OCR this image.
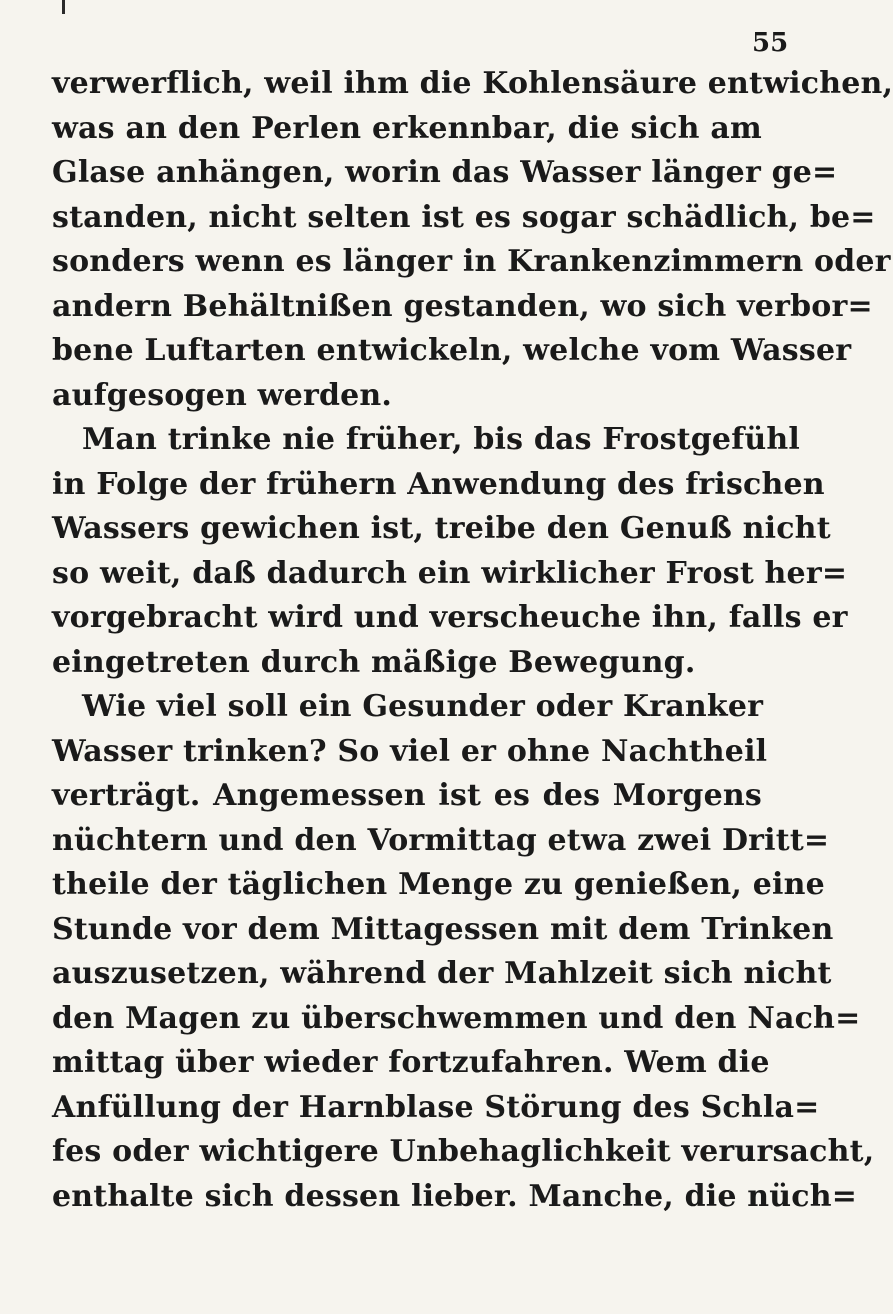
55
verwerflich, weil ihm die Kohlensäure entwichen,
was an den Perlen erkennbar, die sich am
Glase anhängen, worin das Wasser länger ge=
standen, nicht selten ist es sogar schädlich, be=
sonders wenn es länger in Krankenzimmern oder
andern Behältnißen gestanden, wo sich verbor=
bene Luftarten entwickeln, welche vom Wasser
aufgesogen werden.
Man trinke nie früher, bis das Frostgefühl
in Folge der frühern Anwendung des frischen
Wassers gewichen ist, treibe den Genuß nicht
so weit, daß dadurch ein wirklicher Frost her=
vorgebracht wird und verscheuche ihn, falls er
eingetreten durch mäßige Bewegung.
Wie viel soll ein Gesunder oder Kranker
Wasser trinken? So viel er ohne Nachtheil
verträgt. Angemessen ist es des Morgens
nüchtern und den Vormittag etwa zwei Dritt=
theile der täglichen Menge zu genießen, eine
Stunde vor dem Mittagessen mit dem Trinken
auszusetzen, während der Mahlzeit sich nicht
den Magen zu überschwemmen und den Nach=
mittag über wieder fortzufahren. Wem die
Anfüllung der Harnblase Störung des Schla=
fes oder wichtigere Unbehaglichkeit verursacht,
enthalte sich dessen lieber. Manche, die nüch=
